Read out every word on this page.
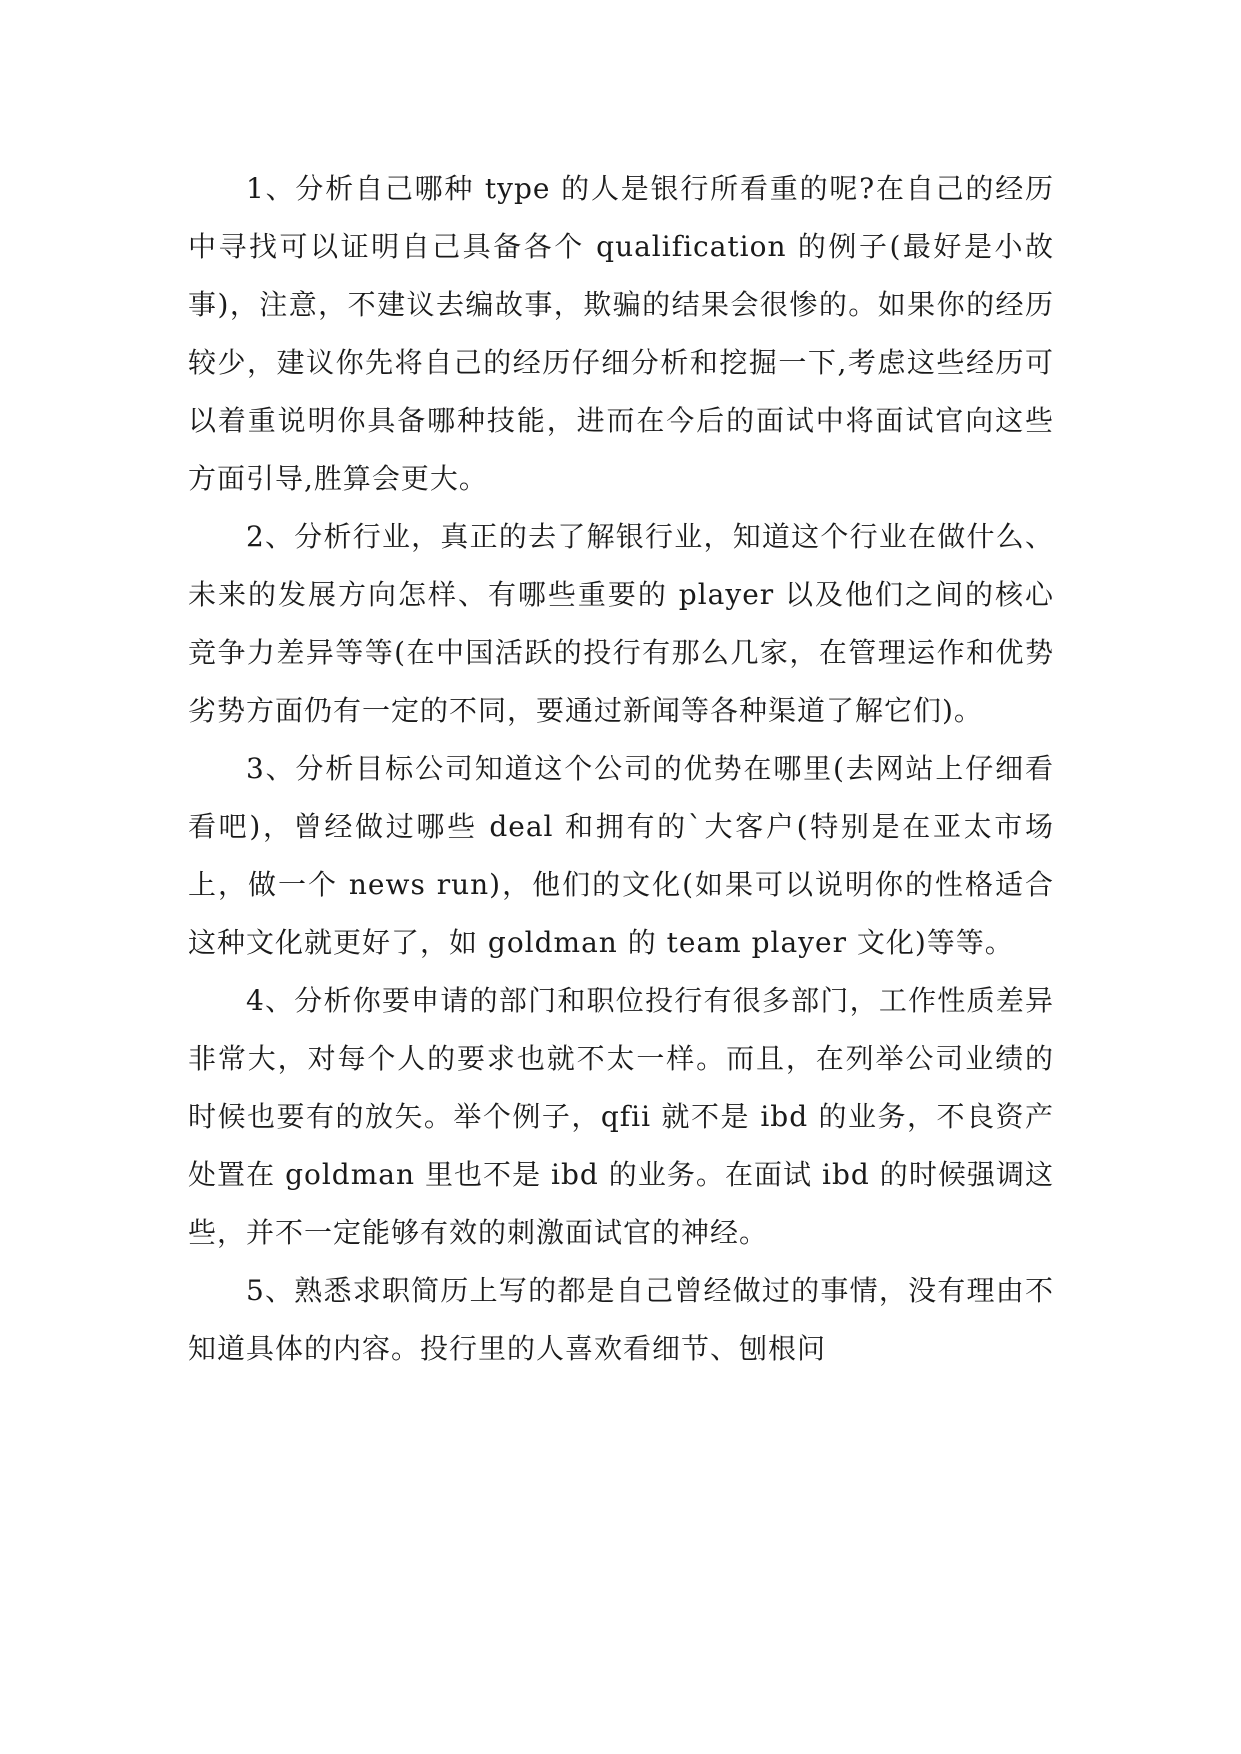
1、分析自己哪种 type 的人是银行所看重的呢?在自己的经历中寻找可以证明自己具备各个 qualification 的例子(最好是小故事)，注意，不建议去编故事，欺骗的结果会很惨的。如果你的经历较少，建议你先将自己的经历仔细分析和挖掘一下,考虑这些经历可以着重说明你具备哪种技能，进而在今后的面试中将面试官向这些方面引导,胜算会更大。

2、分析行业，真正的去了解银行业，知道这个行业在做什么、未来的发展方向怎样、有哪些重要的 player 以及他们之间的核心竞争力差异等等(在中国活跃的投行有那么几家，在管理运作和优势劣势方面仍有一定的不同，要通过新闻等各种渠道了解它们)。

3、分析目标公司知道这个公司的优势在哪里(去网站上仔细看看吧)，曾经做过哪些 deal 和拥有的`大客户(特别是在亚太市场上，做一个 news run)，他们的文化(如果可以说明你的性格适合这种文化就更好了，如 goldman 的 team player 文化)等等。

4、分析你要申请的部门和职位投行有很多部门，工作性质差异非常大，对每个人的要求也就不太一样。而且，在列举公司业绩的时候也要有的放矢。举个例子，qfii 就不是 ibd 的业务，不良资产处置在 goldman 里也不是 ibd 的业务。在面试 ibd 的时候强调这些，并不一定能够有效的刺激面试官的神经。

5、熟悉求职简历上写的都是自己曾经做过的事情，没有理由不知道具体的内容。投行里的人喜欢看细节、刨根问
